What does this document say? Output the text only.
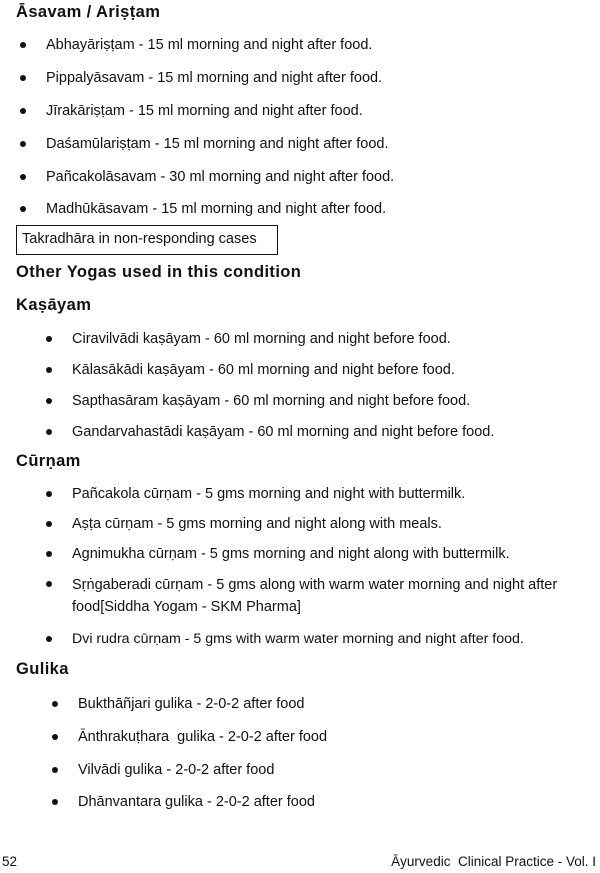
Āsavam / Ariṣṭam
Abhayāriṣṭam - 15 ml morning and night after food.
Pippalyāsavam - 15 ml morning and night after food.
Jīrakāriṣṭam - 15 ml morning and night after food.
Daśamūlariṣṭam - 15 ml morning and night after food.
Pañcakolāsavam - 30 ml morning and night after food.
Madhūkāsavam - 15 ml morning and night after food.
Takradhāra in non-responding cases
Other Yogas used in this condition
Kaṣāyam
Ciravilvādi kaṣāyam - 60 ml morning and night before food.
Kālasākādi kaṣāyam - 60 ml morning and night before food.
Sapthasāram kaṣāyam - 60 ml morning and night before food.
Gandarvahastādi kaṣāyam - 60 ml morning and night before food.
Cūrṇam
Pañcakola cūrṇam - 5 gms morning and night with buttermilk.
Aṣṭa cūrṇam - 5 gms morning and night along with meals.
Agnimukha cūrṇam - 5 gms morning and night along with buttermilk.
Sṛṅgaberadi cūrṇam - 5 gms along with warm water morning and night after food[Siddha Yogam - SKM Pharma]
Dvi rudra cūrṇam - 5 gms with warm water morning and night after food.
Gulika
Bukthāñjari gulika - 2-0-2 after food
Ānthrakuṭhara  gulika - 2-0-2 after food
Vilvādi gulika - 2-0-2 after food
Dhānvantara gulika - 2-0-2 after food
52	Āyurvedic  Clinical Practice - Vol. I
